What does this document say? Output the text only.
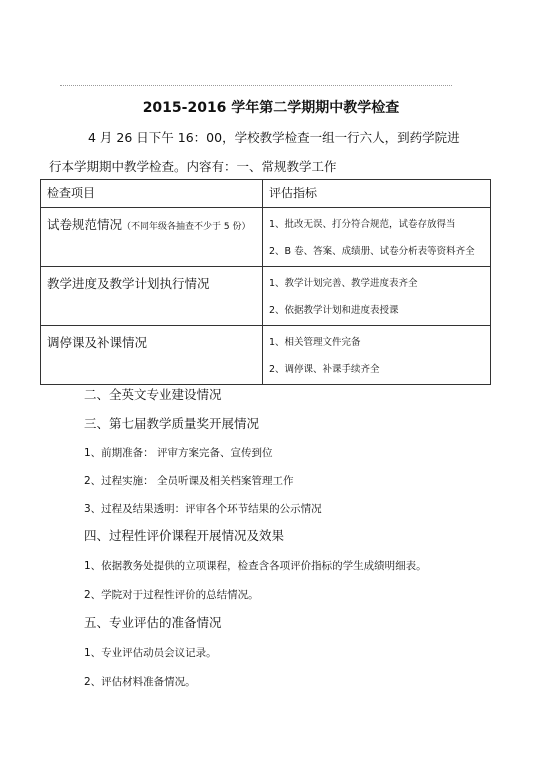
2015-2016 学年第二学期期中教学检查
4 月 26 日下午 16：00，学校教学检查一组一行六人，到药学院进
行本学期期中教学检查。内容有：一、常规教学工作
检查项目	评估指标

试卷规范情况（不同年级各抽查不少于 5 份）	1、批改无误、打分符合规范，试卷存放得当
2、B 卷、答案、成绩册、试卷分析表等资料齐全

教学进度及教学计划执行情况	1、教学计划完善、教学进度表齐全
2、依据教学计划和进度表授课

调停课及补课情况	1、相关管理文件完备
2、调停课、补课手续齐全
二、全英文专业建设情况
三、第七届教学质量奖开展情况
1、前期准备： 评审方案完备、宣传到位
2、过程实施： 全员听课及相关档案管理工作
3、过程及结果透明：评审各个环节结果的公示情况
四、过程性评价课程开展情况及效果
1、依据教务处提供的立项课程，检查含各项评价指标的学生成绩明细表。
2、学院对于过程性评价的总结情况。
五、专业评估的准备情况
1、专业评估动员会议记录。
2、评估材料准备情况。
